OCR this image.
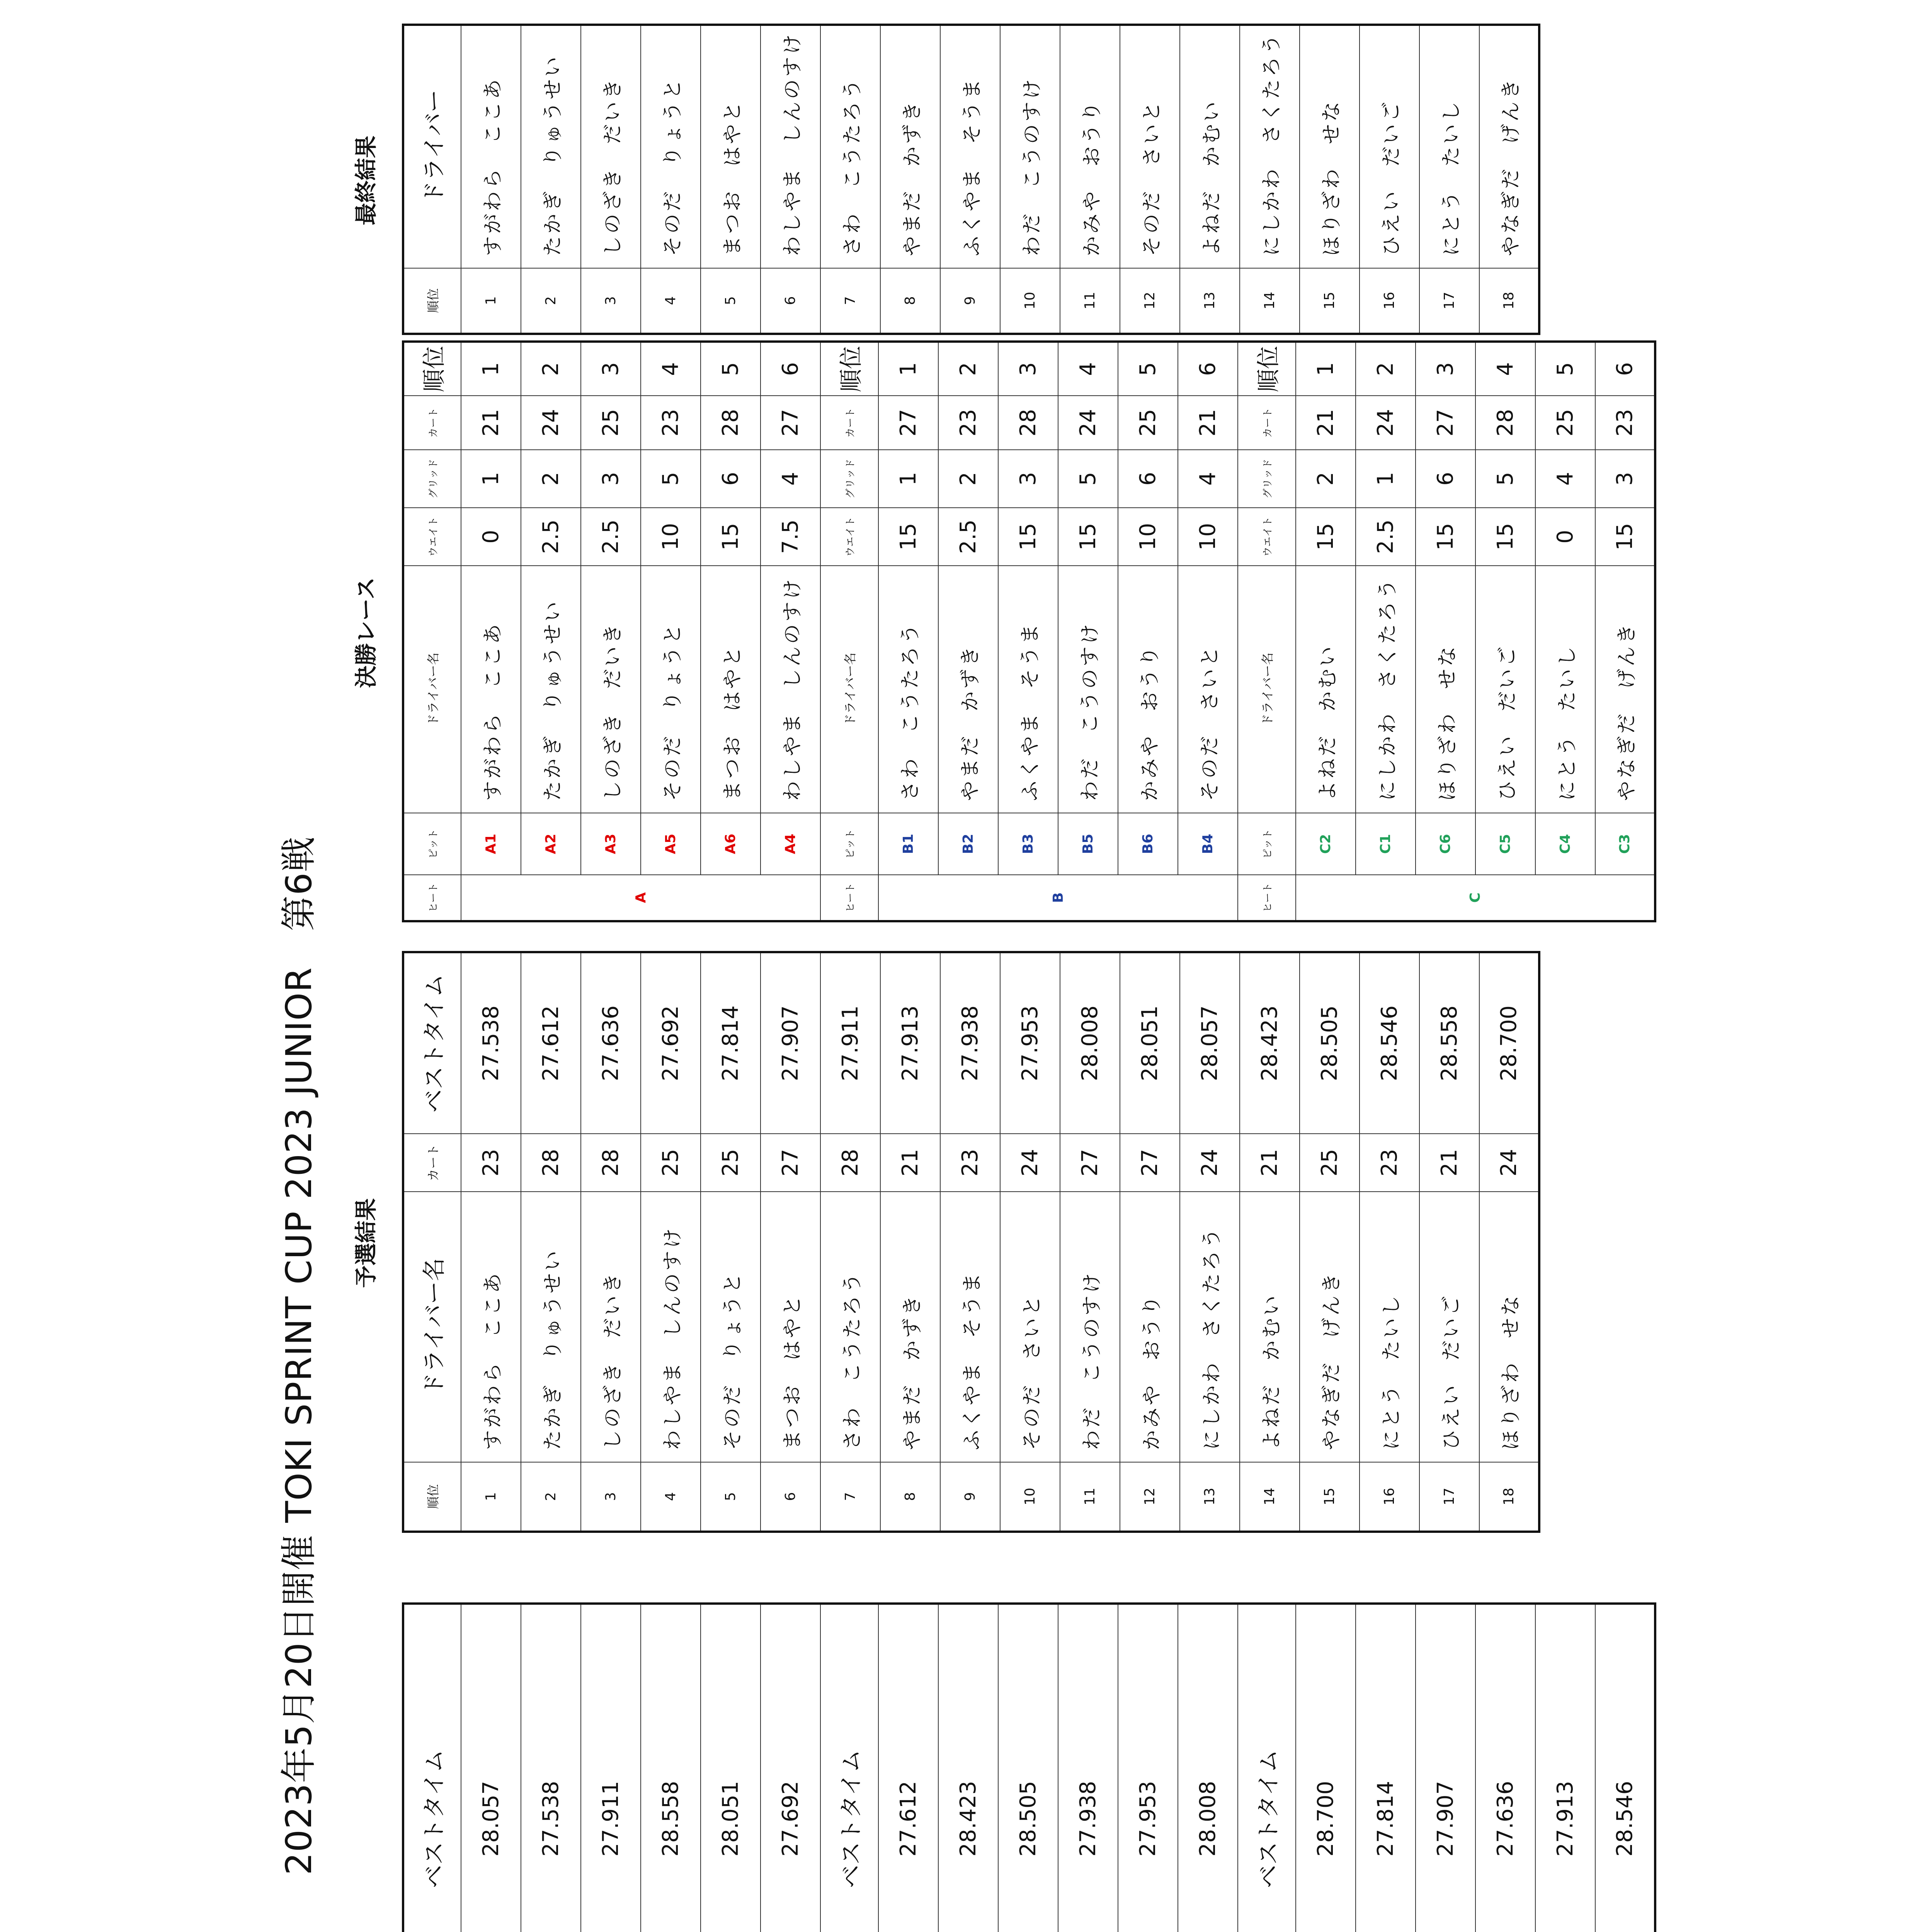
2023年5月20日開催 TOKI SPRINT CUP 2023 JUNIOR　第6戦
							ベストタイム
						28.057
					27.538
					27.911
					28.558
					28.051
					27.692
						ベストタイム
						27.612
					28.423
					28.505
					27.938
					27.953
					28.008
						ベストタイム
						28.700
					27.814
					27.907
					27.636
					27.913
					28.546
予選結果
順位	ドライバー名	カート	ベストタイム
1	すがわら　ここあ	23	27.538
2	たかぎ　りゅうせい	28	27.612
3	しのざき　だいき	28	27.636
4	わしやま　しんのすけ	25	27.692
5	そのだ　りょうと	25	27.814
6	まつお　はやと	27	27.907
7	さわ　こうたろう	28	27.911
8	やまだ　かずき	21	27.913
9	ふくやま　そうま	23	27.938
10	そのだ　さいと	24	27.953
11	わだ　こうのすけ	27	28.008
12	かみや　おうり	27	28.051
13	にしかわ　さくたろう	24	28.057
14	よねだ　かむい	21	28.423
15	やなぎだ　げんき	25	28.505
16	にとう　たいし	23	28.546
17	ひえい　だいご	21	28.558
18	ほりざわ　せな	24	28.700
決勝レース
ヒート	ピット	ドライバー名	ウエイト	グリッド	カート	順位
A	A1	すがわら　ここあ	0	1	21	1
	A2	たかぎ　りゅうせい	2.5	2	24	2
	A3	しのざき　だいき	2.5	3	25	3
	A5	そのだ　りょうと	10	5	23	4
	A6	まつお　はやと	15	6	28	5
	A4	わしやま　しんのすけ	7.5	4	27	6
ヒート	ピット	ドライバー名	ウエイト	グリッド	カート	順位
B	B1	さわ　こうたろう	15	1	27	1
	B2	やまだ　かずき	2.5	2	23	2
	B3	ふくやま　そうま	15	3	28	3
	B5	わだ　こうのすけ	15	5	24	4
	B6	かみや　おうり	10	6	25	5
	B4	そのだ　さいと	10	4	21	6
ヒート	ピット	ドライバー名	ウエイト	グリッド	カート	順位
C	C2	よねだ　かむい	15	2	21	1
	C1	にしかわ　さくたろう	2.5	1	24	2
	C6	ほりざわ　せな	15	6	27	3
	C5	ひえい　だいご	15	5	28	4
	C4	にとう　たいし	0	4	25	5
	C3	やなぎだ　げんき	15	3	23	6
最終結果
順位	ドライバー
1	すがわら　ここあ
2	たかぎ　りゅうせい
3	しのざき　だいき
4	そのだ　りょうと
5	まつお　はやと
6	わしやま　しんのすけ
7	さわ　こうたろう
8	やまだ　かずき
9	ふくやま　そうま
10	わだ　こうのすけ
11	かみや　おうり
12	そのだ　さいと
13	よねだ　かむい
14	にしかわ　さくたろう
15	ほりざわ　せな
16	ひえい　だいご
17	にとう　たいし
18	やなぎだ　げんき
